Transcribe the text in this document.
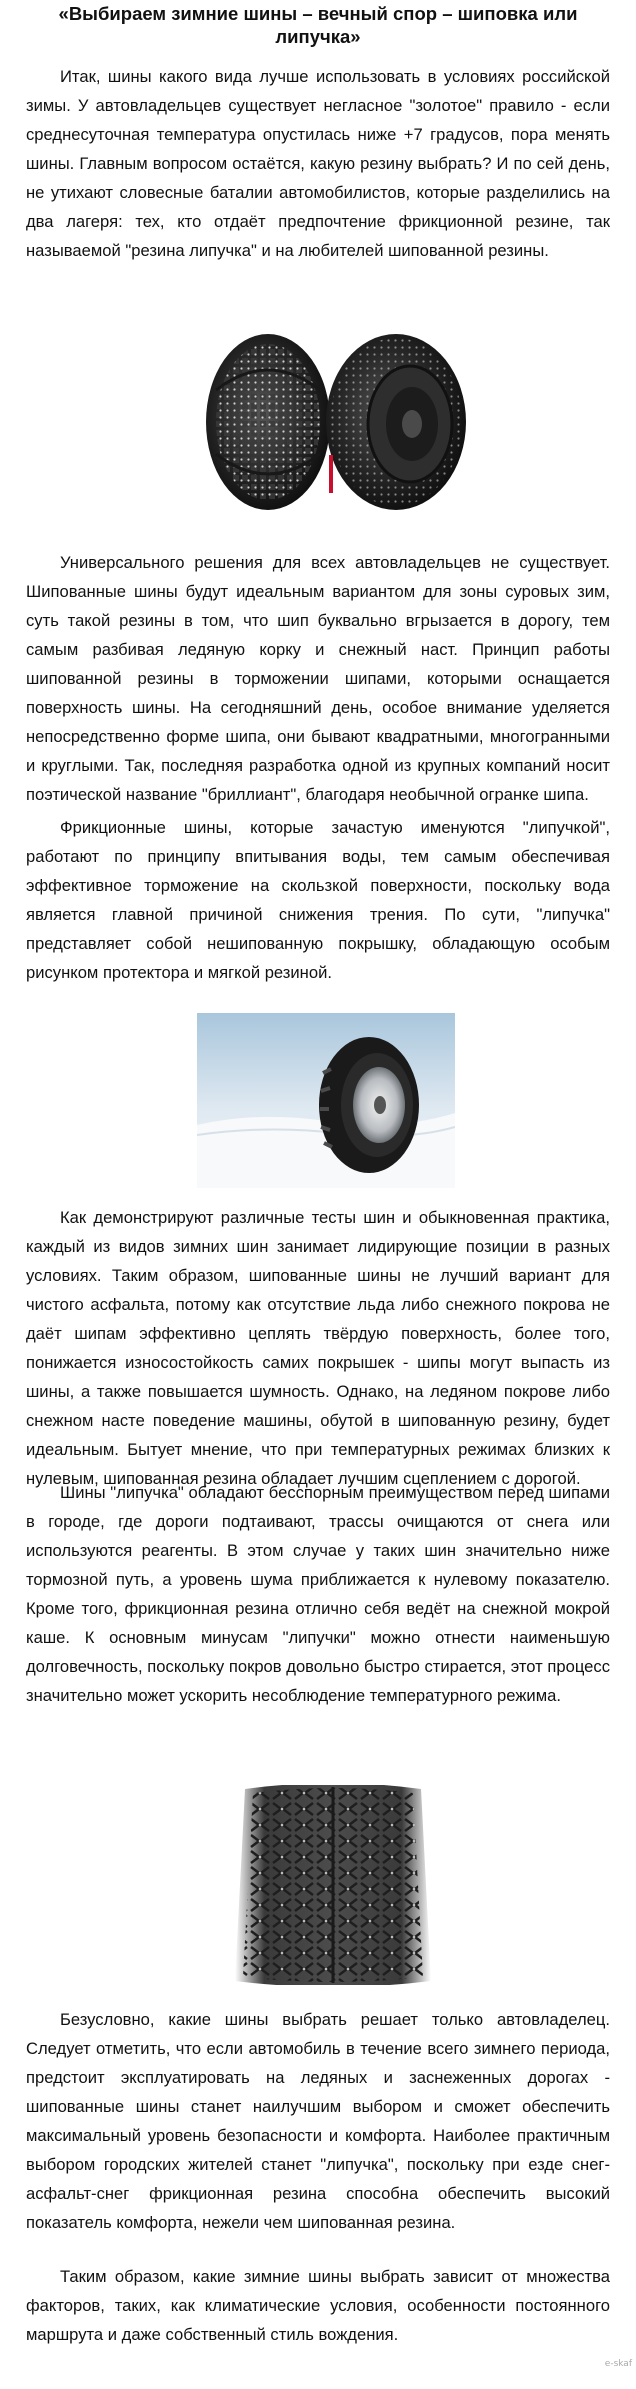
«Выбираем зимние шины – вечный спор – шиповка или липучка»

Итак, шины какого вида лучше использовать в условиях российской зимы. У автовладельцев существует негласное "золотое" правило - если среднесуточная температура опустилась ниже +7 градусов, пора менять шины. Главным вопросом остаётся, какую резину выбрать? И по сей день, не утихают словесные баталии автомобилистов, которые разделились на два лагеря: тех, кто отдаёт предпочтение фрикционной резине, так называемой "резина липучка" и на любителей шипованной резины.

Универсального решения для всех автовладельцев не существует. Шипованные шины будут идеальным вариантом для зоны суровых зим, суть такой резины в том, что шип буквально вгрызается в дорогу, тем самым разбивая ледяную корку и снежный наст. Принцип работы шипованной резины в торможении шипами, которыми оснащается поверхность шины. На сегодняшний день, особое внимание уделяется непосредственно форме шипа, они бывают квадратными, многогранными и круглыми. Так, последняя разработка одной из крупных компаний носит поэтической название "бриллиант", благодаря необычной огранке шипа.

Фрикционные шины, которые зачастую именуются "липучкой", работают по принципу впитывания воды, тем самым обеспечивая эффективное торможение на скользкой поверхности, поскольку вода является главной причиной снижения трения. По сути, "липучка" представляет собой нешипованную покрышку, обладающую особым рисунком протектора и мягкой резиной.

Как демонстрируют различные тесты шин и обыкновенная практика, каждый из видов зимних шин занимает лидирующие позиции в разных условиях. Таким образом, шипованные шины не лучший вариант для чистого асфальта, потому как отсутствие льда либо снежного покрова не даёт шипам эффективно цеплять твёрдую поверхность, более того, понижается износостойкость самих покрышек - шипы могут выпасть из шины, а также повышается шумность. Однако, на ледяном покрове либо снежном насте поведение машины, обутой в шипованную резину, будет идеальным. Бытует мнение, что при температурных режимах близких к нулевым, шипованная резина обладает лучшим сцеплением с дорогой.

Шины "липучка" обладают бесспорным преимуществом перед шипами в городе, где дороги подтаивают, трассы очищаются от снега или используются реагенты. В этом случае у таких шин значительно ниже тормозной путь, а уровень шума приближается к нулевому показателю. Кроме того, фрикционная резина отлично себя ведёт на снежной мокрой каше. К основным минусам "липучки" можно отнести наименьшую долговечность, поскольку покров довольно быстро стирается, этот процесс значительно может ускорить несоблюдение температурного режима.

Безусловно, какие шины выбрать решает только автовладелец. Следует отметить, что если автомобиль в течение всего зимнего периода, предстоит эксплуатировать на ледяных и заснеженных дорогах - шипованные шины станет наилучшим выбором и сможет обеспечить максимальный уровень безопасности и комфорта. Наиболее практичным выбором городских жителей станет "липучка", поскольку при езде снег-асфальт-снег фрикционная резина способна обеспечить высокий показатель комфорта, нежели чем шипованная резина.

Таким образом, какие зимние шины выбрать зависит от множества факторов, таких, как климатические условия, особенности постоянного маршрута и даже собственный стиль вождения.

e-skaf
